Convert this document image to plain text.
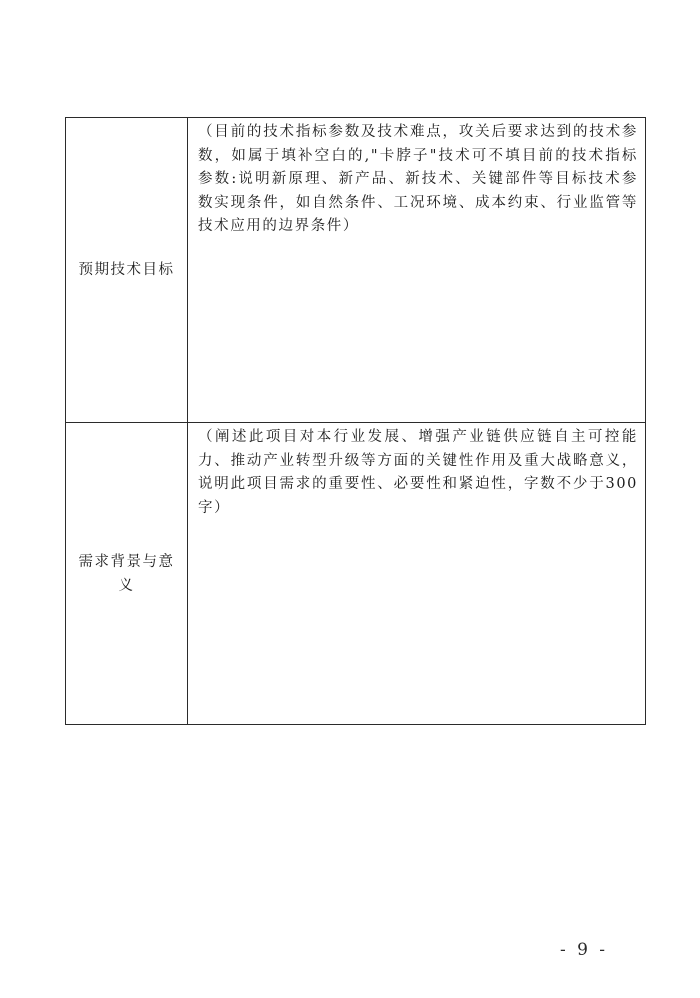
预期技术目标	（目前的技术指标参数及技术难点，攻关后要求达到的技术参数，如属于填补空白的,"卡脖子"技术可不填目前的技术指标参数:说明新原理、新产品、新技术、关键部件等目标技术参数实现条件，如自然条件、工况环境、成本约束、行业监管等技术应用的边界条件）
需求背景与意义	（阐述此项目对本行业发展、增强产业链供应链自主可控能力、推动产业转型升级等方面的关键性作用及重大战略意义，说明此项目需求的重要性、必要性和紧迫性，字数不少于300字）
- 9 -
